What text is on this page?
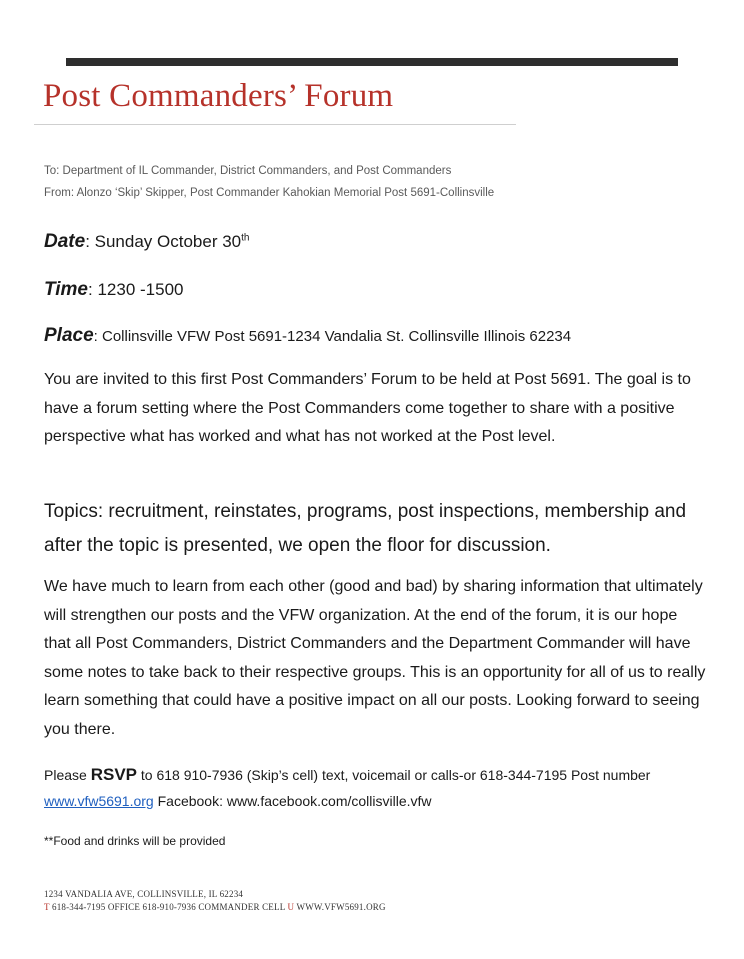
Post Commanders’ Forum
To: Department of IL Commander, District Commanders, and Post Commanders
From: Alonzo ‘Skip’ Skipper, Post Commander Kahokian Memorial Post 5691-Collinsville
Date: Sunday October 30th
Time: 1230 -1500
Place: Collinsville VFW Post 5691-1234 Vandalia St. Collinsville Illinois 62234
You are invited to this first Post Commanders’ Forum to be held at Post 5691. The goal is to have a forum setting where the Post Commanders come together to share with a positive perspective what has worked and what has not worked at the Post level.
Topics: recruitment, reinstates, programs, post inspections, membership and after the topic is presented, we open the floor for discussion.
We have much to learn from each other (good and bad) by sharing information that ultimately will strengthen our posts and the VFW organization. At the end of the forum, it is our hope that all Post Commanders, District Commanders and the Department Commander will have some notes to take back to their respective groups. This is an opportunity for all of us to really learn something that could have a positive impact on all our posts. Looking forward to seeing you there.
Please RSVP to 618 910-7936 (Skip’s cell) text, voicemail or calls-or 618-344-7195 Post number www.vfw5691.org Facebook: www.facebook.com/collisville.vfw
**Food and drinks will be provided
1234 VANDALIA AVE, COLLINSVILLE, IL 62234
T 618-344-7195 OFFICE 618-910-7936 COMMANDER CELL U WWW.VFW5691.ORG
